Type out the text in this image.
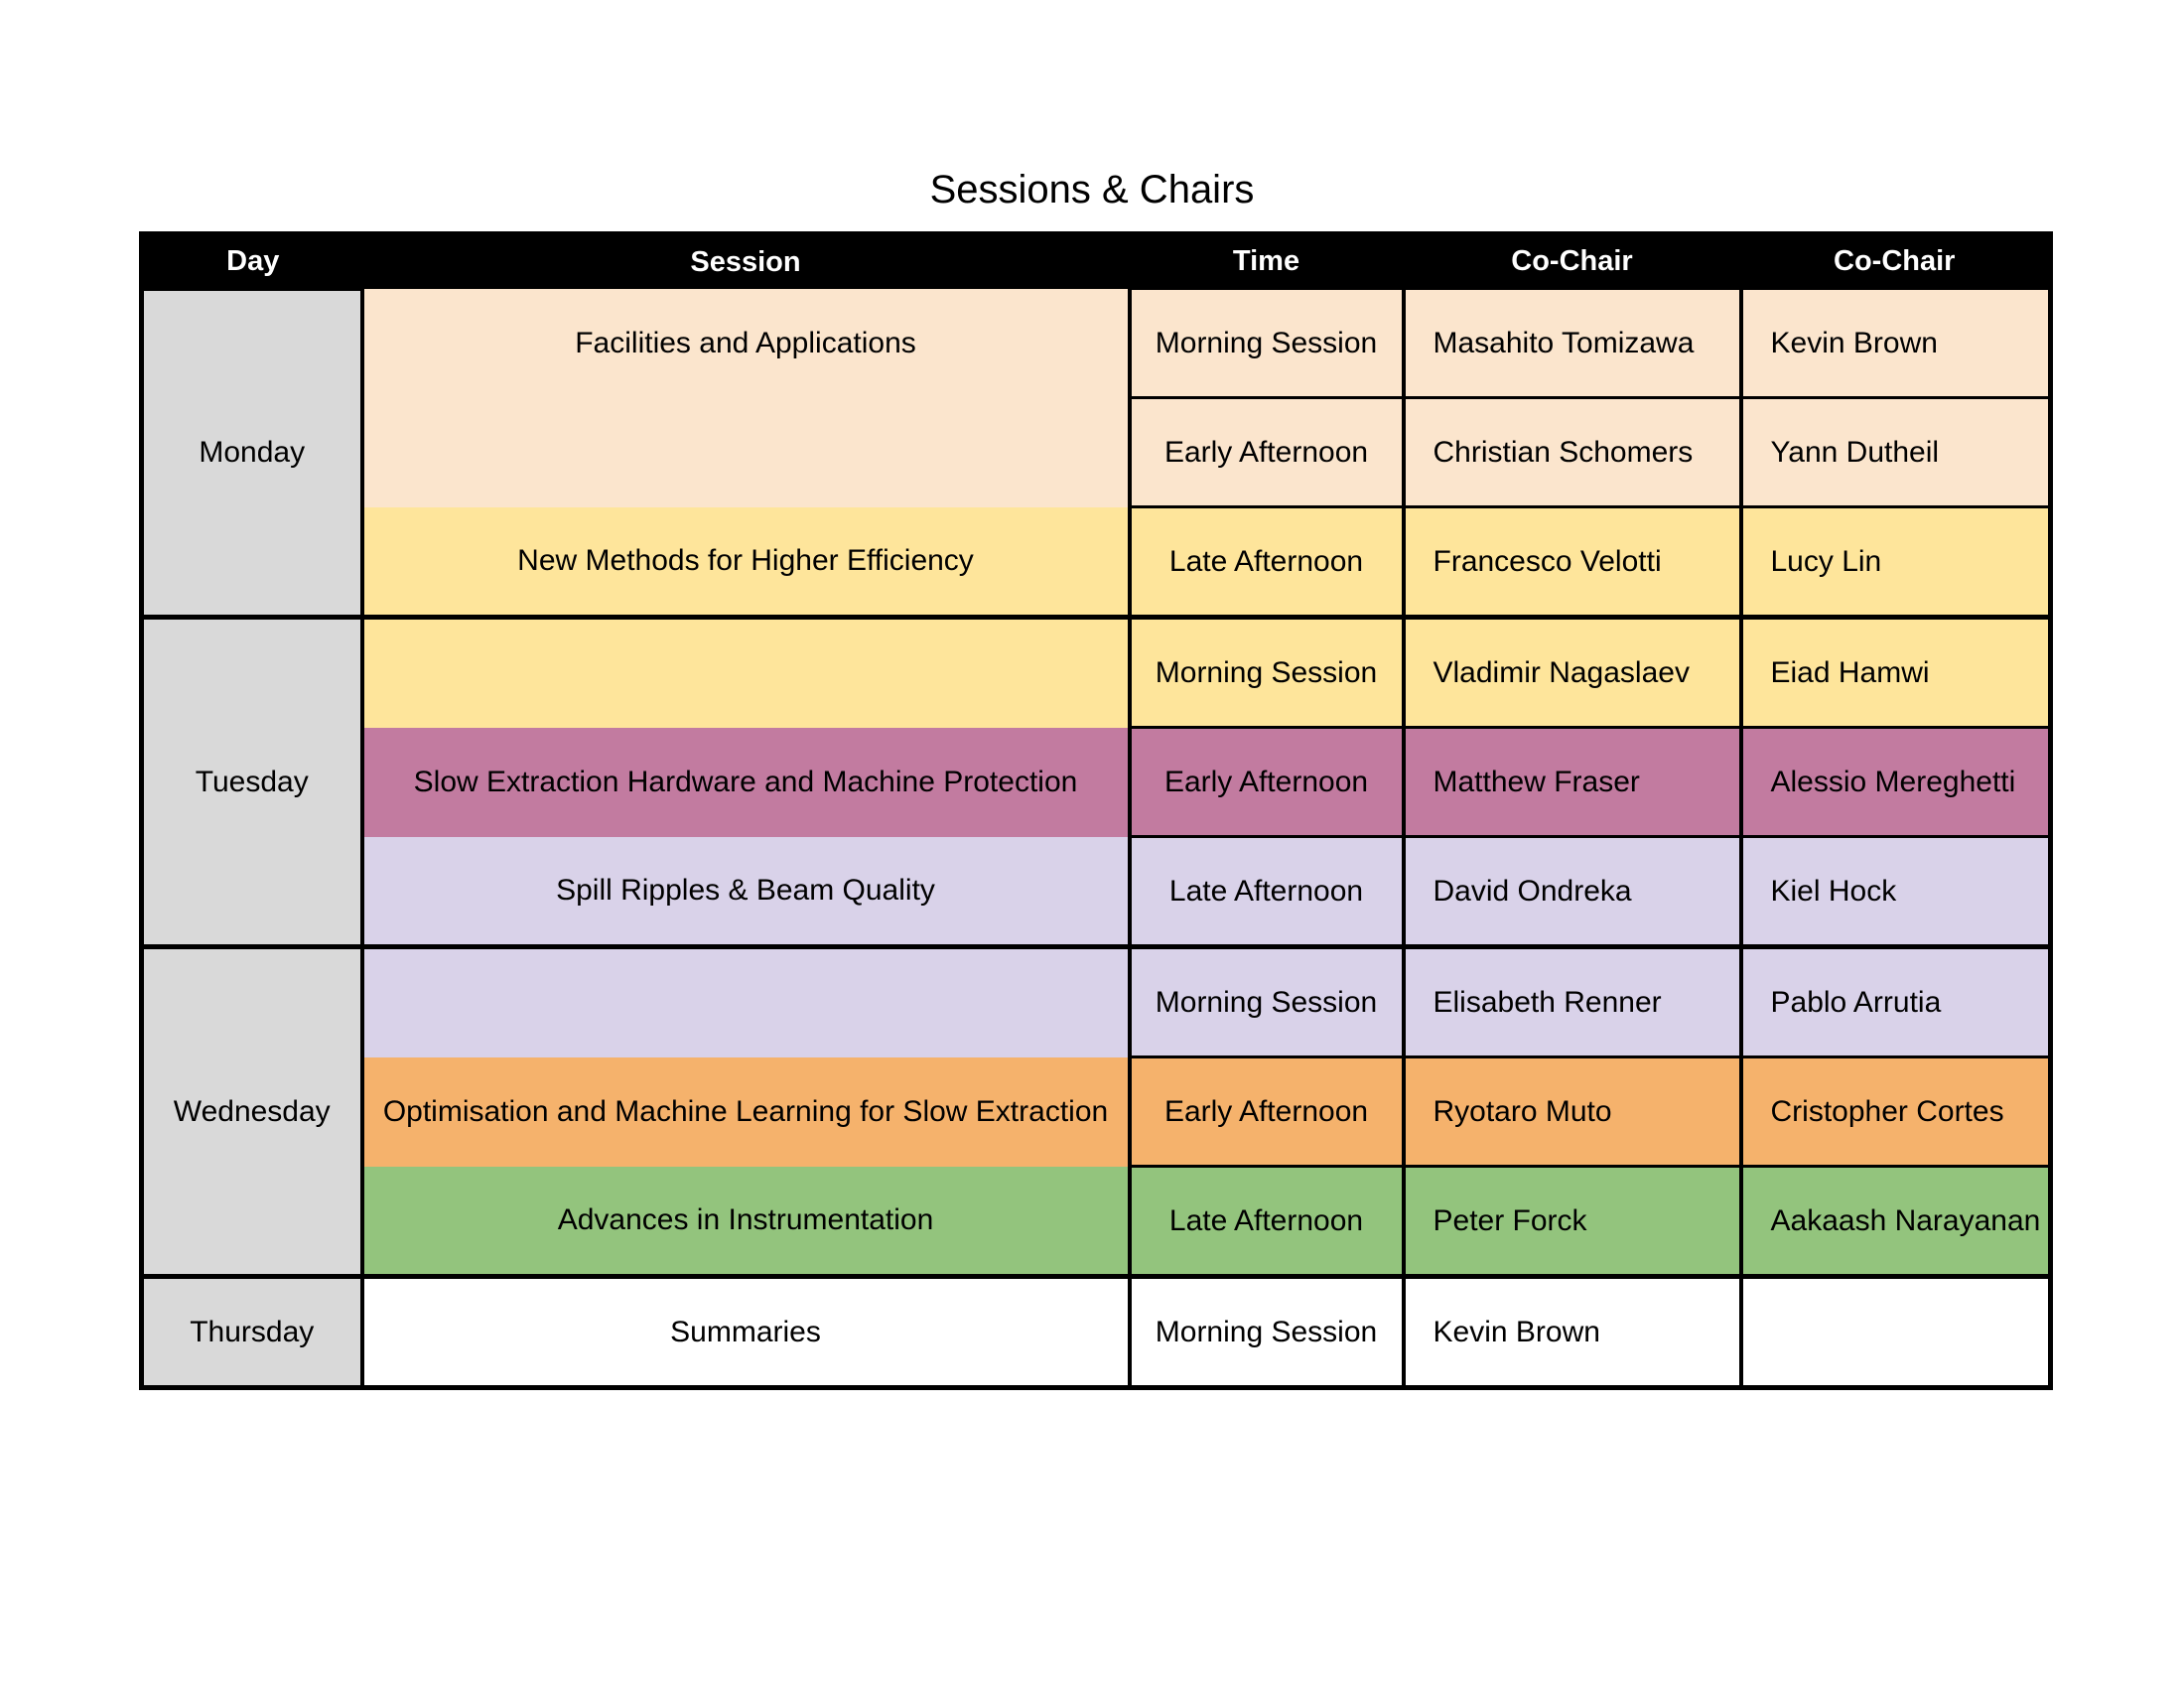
Sessions & Chairs
Day	Session	Time	Co-Chair	Co-Chair
Monday	Facilities and Applications	Morning Session	Masahito Tomizawa	Kevin Brown
		Early Afternoon	Christian Schomers	Yann Dutheil
	New Methods for Higher Efficiency	Late Afternoon	Francesco Velotti	Lucy Lin
Tuesday		Morning Session	Vladimir Nagaslaev	Eiad Hamwi
	Slow Extraction Hardware and Machine Protection	Early Afternoon	Matthew Fraser	Alessio Mereghetti
	Spill Ripples & Beam Quality	Late Afternoon	David Ondreka	Kiel Hock
Wednesday		Morning Session	Elisabeth Renner	Pablo Arrutia
	Optimisation and Machine Learning for Slow Extraction	Early Afternoon	Ryotaro Muto	Cristopher Cortes
	Advances in Instrumentation	Late Afternoon	Peter Forck	Aakaash Narayanan
Thursday	Summaries	Morning Session	Kevin Brown	
